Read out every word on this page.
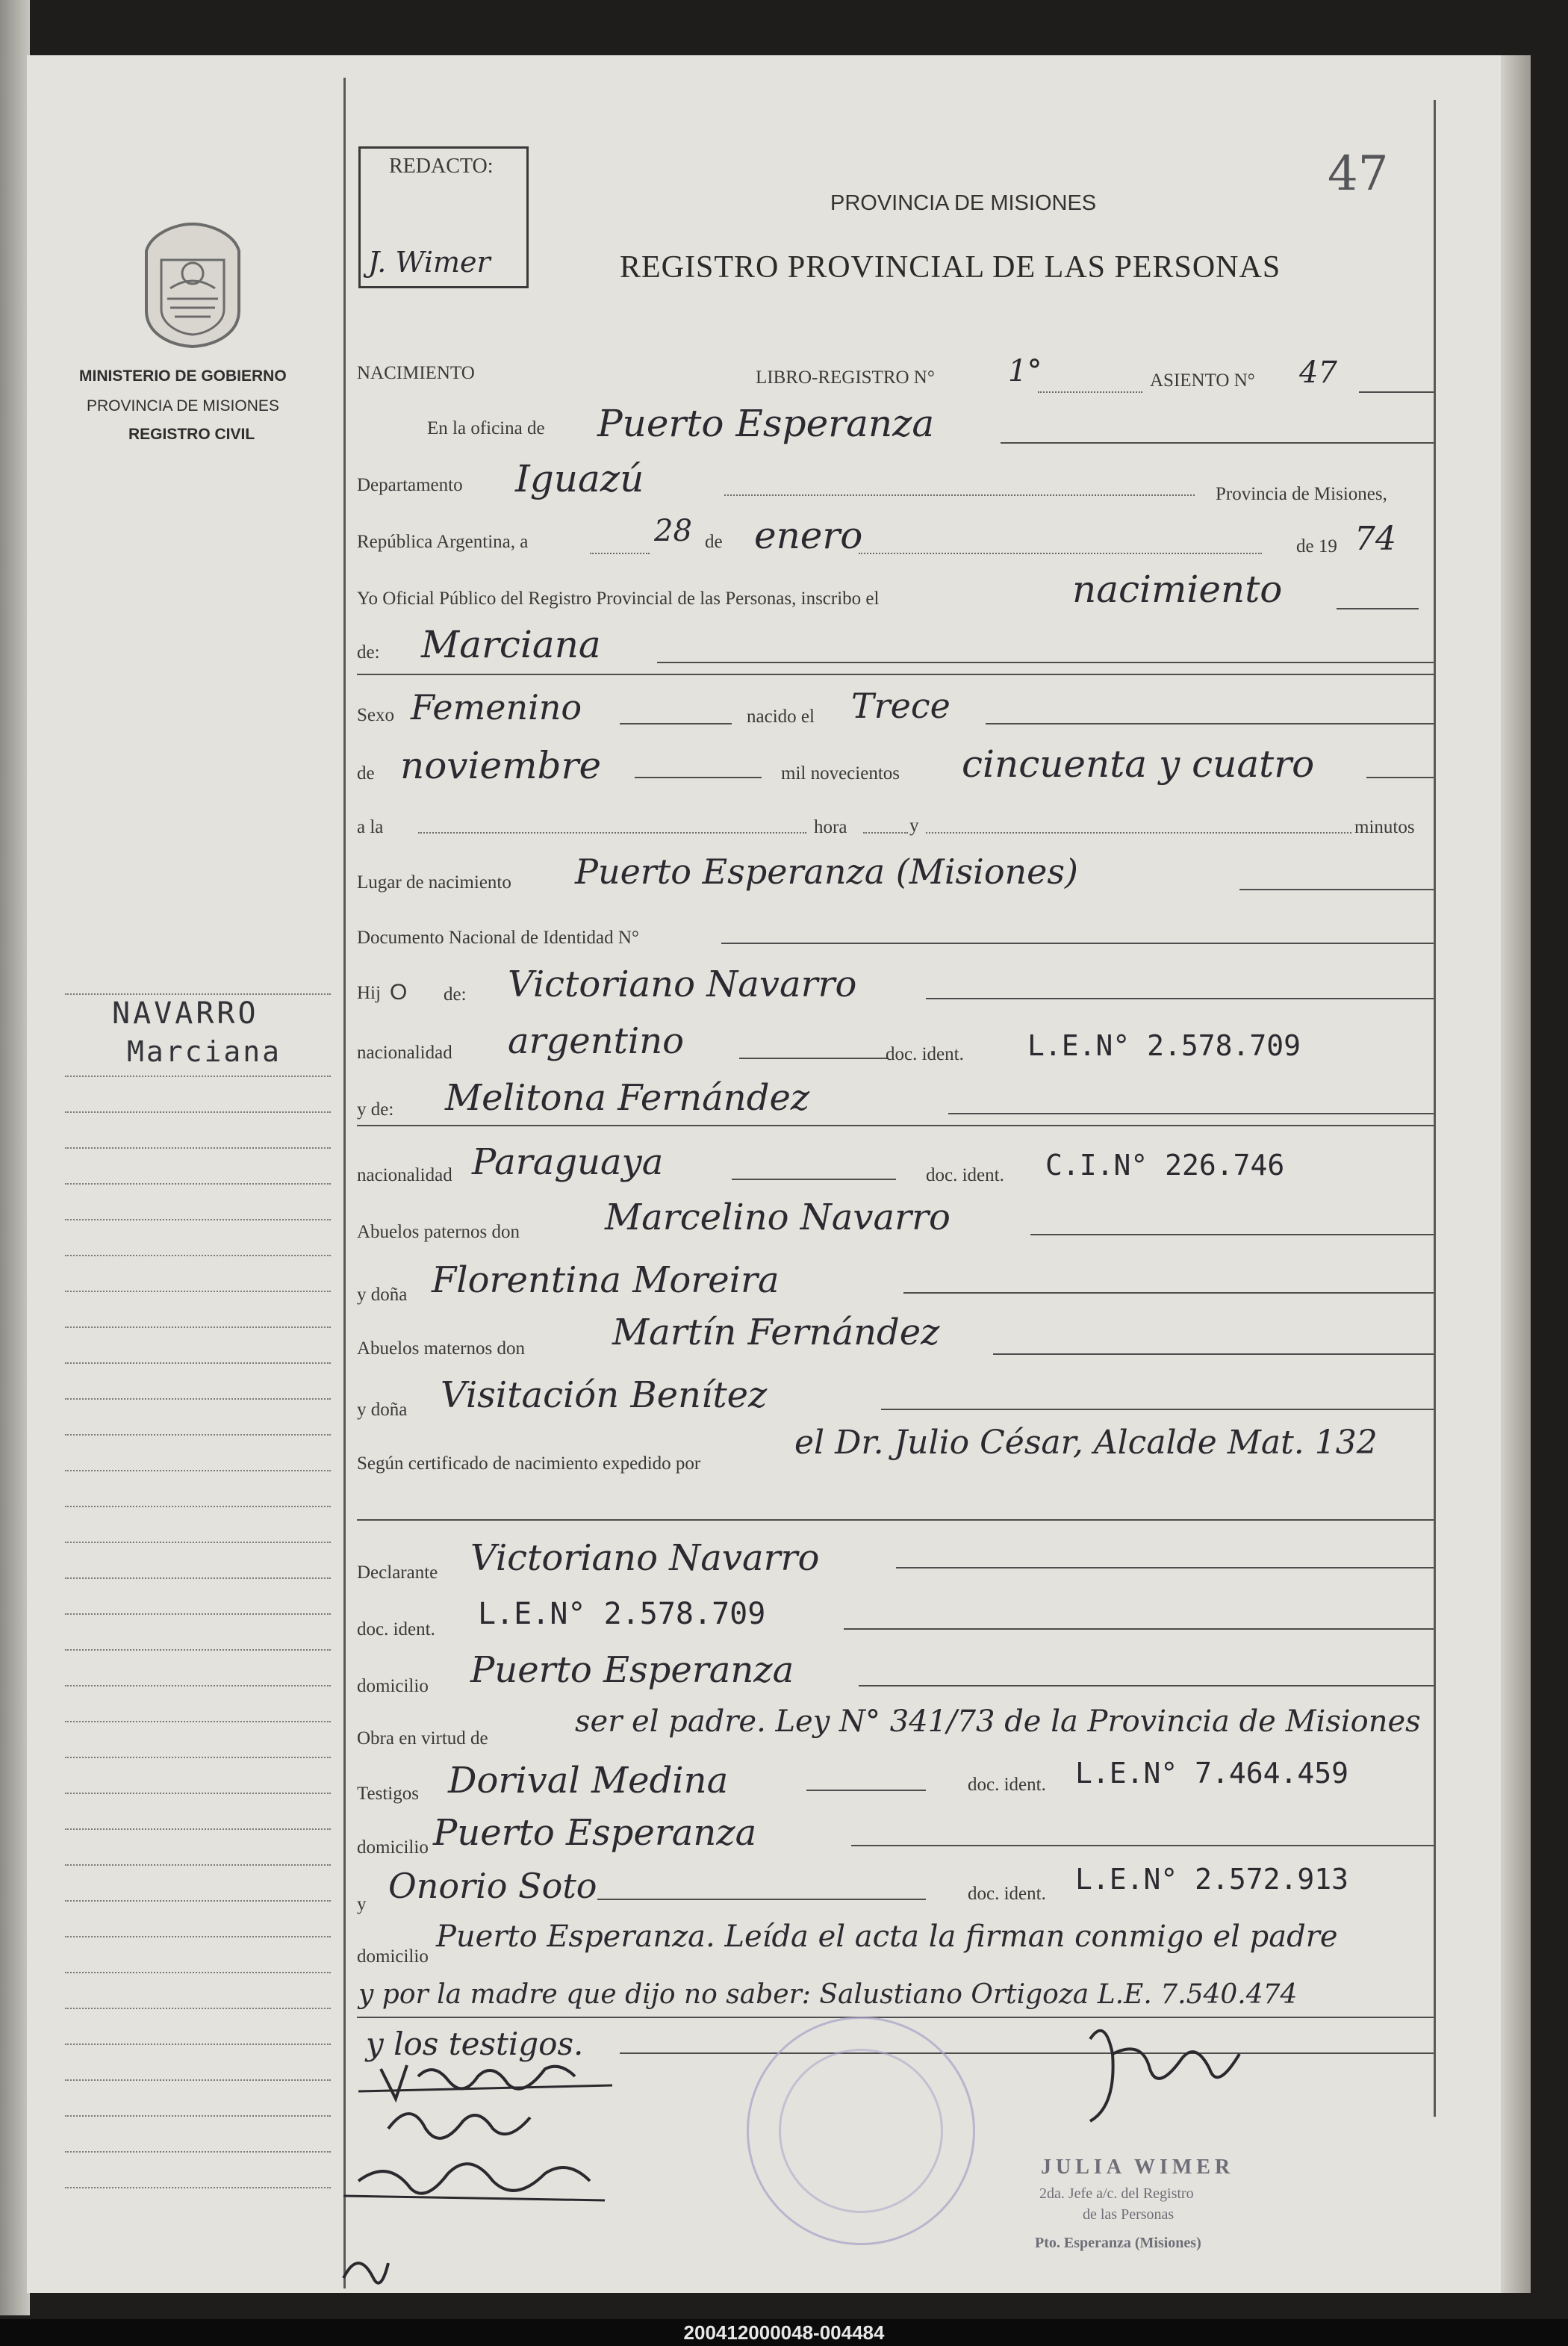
47
REDACTO:
J. Wimer
MINISTERIO DE GOBIERNO
PROVINCIA DE MISIONES
REGISTRO CIVIL
PROVINCIA DE MISIONES
REGISTRO PROVINCIAL DE LAS PERSONAS
NAVARRO
Marciana
NACIMIENTO	LIBRO-REGISTRO N° 1°	ASIENTO N° 47
En la oficina de Puerto Esperanza
Departamento Iguazú	Provincia de Misiones,
República Argentina, a	28 de enero	de 19 74
Yo Oficial Público del Registro Provincial de las Personas, inscribo el	nacimiento
de: Marciana
Sexo Femenino	nacido el Trece
de noviembre	mil novecientos cincuenta y cuatro
a la	hora	y	minutos
Lugar de nacimiento Puerto Esperanza (Misiones)
Documento Nacional de Identidad N°
Hij O de: Victoriano Navarro
nacionalidad argentino	doc. ident. L.E.N° 2.578.709
y de: Melitona Fernández
nacionalidad Paraguaya	doc. ident. C.I.N° 226.746
Abuelos paternos don Marcelino Navarro
y doña Florentina Moreira
Abuelos maternos don Martín Fernández
y doña Visitación Benítez
Según certificado de nacimiento expedido por
el Dr. Julio César, Alcalde Mat. 132
Declarante Victoriano Navarro
doc. ident. L.E.N° 2.578.709
domicilio Puerto Esperanza
Obra en virtud de	ser el padre. Ley N° 341/73 de la Provincia de Misiones
Testigos Dorival Medina	doc. ident. L.E.N° 7.464.459
domicilio Puerto Esperanza
y Onorio Soto	doc. ident. L.E.N° 2.572.913
domicilio
Puerto Esperanza. Leída el acta la firman conmigo el padre
y por la madre que dijo no saber: Salustiano Ortigoza L.E. 7.540.474
y los testigos.
JULIA WIMER
2da. Jefe a/c. del Registro
de las Personas
Pto. Esperanza (Misiones)
200412000048-004484
